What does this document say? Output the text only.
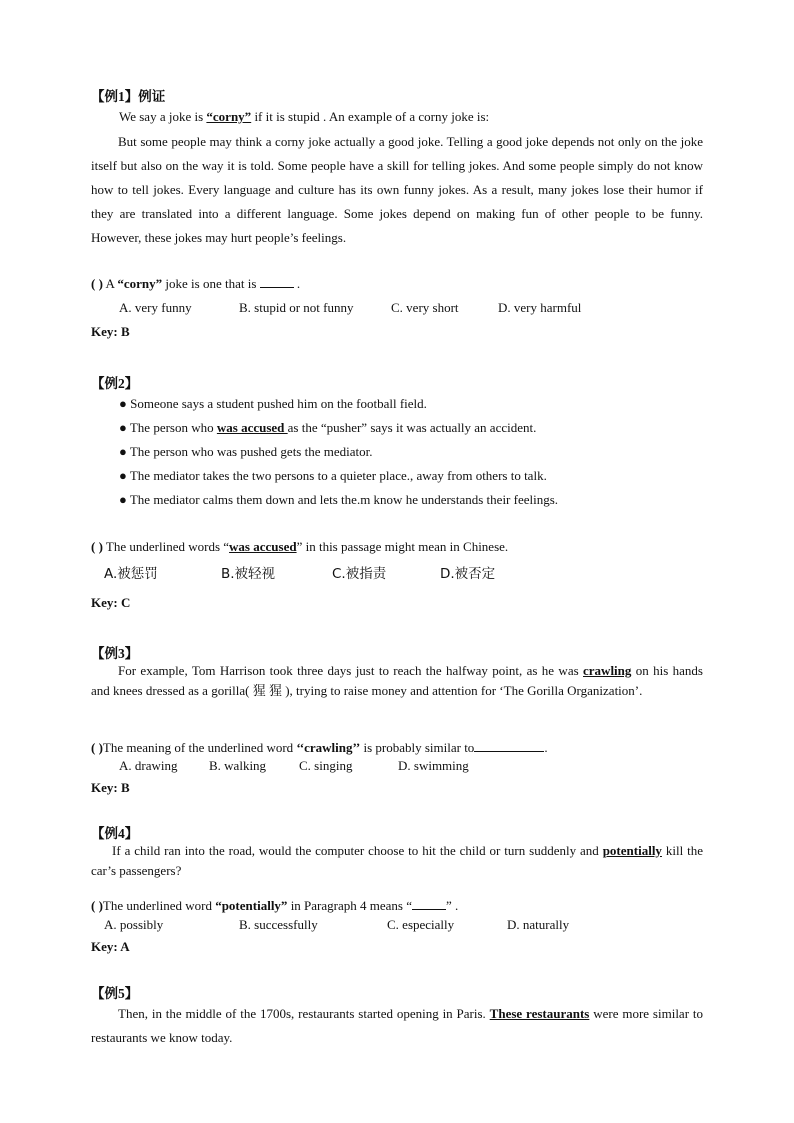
【例1】例证
We say a joke is “corny” if it is stupid . An example of a corny joke is:

But some people may think a corny joke actually a good joke. Telling a good joke depends not only on the joke itself but also on the way it is told. Some people have a skill for telling jokes. And some people simply do not know how to tell jokes. Every language and culture has its own funny jokes. As a result, many jokes lose their humor if they are translated into a different language. Some jokes depend on making fun of other people to be funny. However, these jokes may hurt people’s feelings.

( ) A “corny” joke is one that is	.
A. very funny	B. stupid or not funny	C. very short	D. very harmful
Key: B
【例2】
● Someone says a student pushed him on the football field.
● The person who was accused as the “pusher” says it was actually an accident.
● The person who was pushed gets the mediator.
● The mediator takes the two persons to a quieter place., away from others to talk.
● The mediator calms them down and lets the.m know he understands their feelings.
( ) The underlined words “was accused” in this passage might mean in Chinese.
A.被惩罚	B.被轻视	C.被指责	D.被否定
Key: C
【例3】

For example, Tom Harrison took three days just to reach the halfway point, as he was crawling on his hands and knees dressed as a gorilla( 猩 猩 ), trying to raise money and attention for ‘The Gorilla Organization’.

( )The meaning of the underlined word ‘‘crawling’’ is probably similar to	.
A. drawing B. walking	C. singing	D. swimming
Key: B
【例4】

If a child ran into the road, would the computer choose to hit the child or turn suddenly and potentially kill the car’s passengers?

( )The underlined word “potentially” in Paragraph 4 means “	” .
A. possibly	B. successfully	C. especially	D. naturally
Key: A
【例5】

Then, in the middle of the 1700s, restaurants started opening in Paris. These restaurants were more similar to restaurants we know today.
